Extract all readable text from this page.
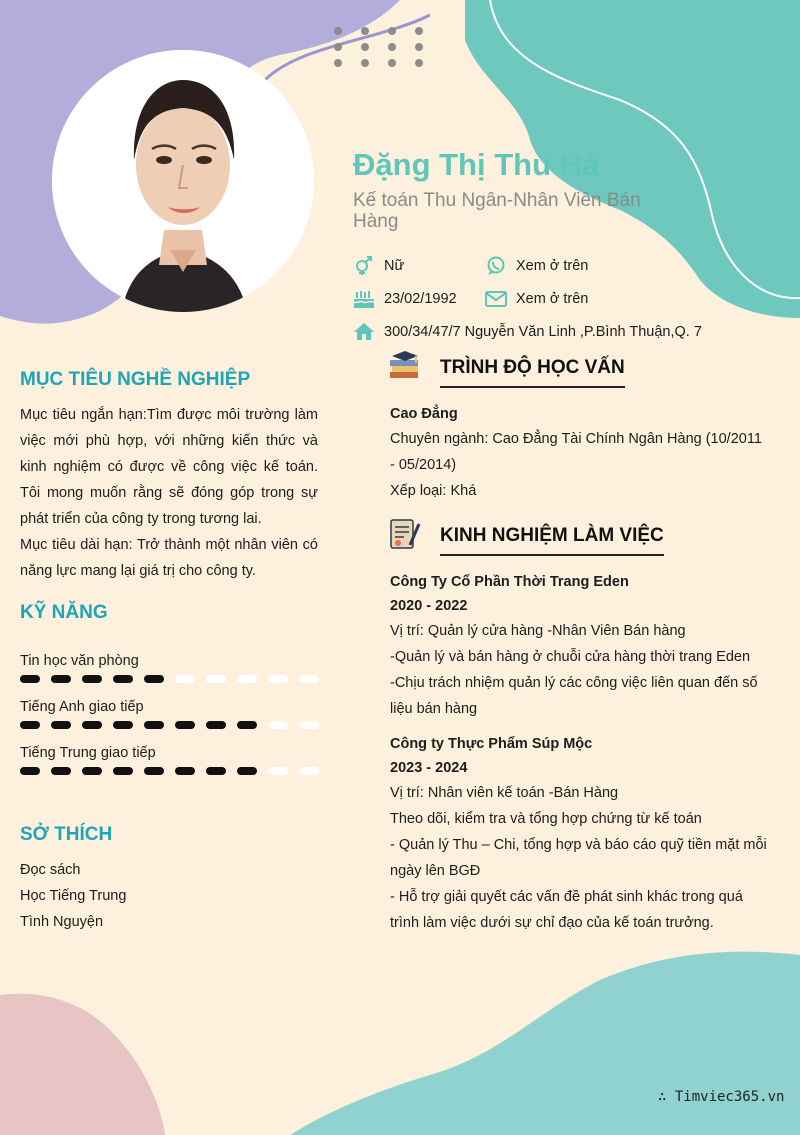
Đặng Thị Thu Hà
Kế toán Thu Ngân-Nhân Viên Bán Hàng
Nữ	Xem ở trên
23/02/1992	Xem ở trên
300/34/47/7 Nguyễn Văn Linh ,P.Bình Thuận,Q. 7
MỤC TIÊU NGHỀ NGHIỆP
Mục tiêu ngắn hạn:Tìm được môi trường làm việc mới phù hợp, với những kiến thức và kinh nghiệm có được về công việc kế toán. Tôi mong muốn rằng sẽ đóng góp trong sự phát triển của công ty trong tương lai.
Mục tiêu dài hạn: Trở thành một nhân viên có năng lực mang lại giá trị cho công ty.
KỸ NĂNG
Tin học văn phòng
Tiếng Anh giao tiếp
Tiếng Trung giao tiếp
SỞ THÍCH
Đọc sách
Học Tiếng Trung
Tình Nguyện
TRÌNH ĐỘ HỌC VẤN
Cao Đẳng
Chuyên ngành: Cao Đẳng Tài Chính Ngân Hàng (10/2011 - 05/2014)
Xếp loại: Khá
KINH NGHIỆM LÀM VIỆC
Công Ty Cổ Phần Thời Trang Eden
2020 - 2022
Vị trí: Quản lý cửa hàng -Nhân Viên Bán hàng
-Quản lý và bán hàng ở chuỗi cửa hàng thời trang Eden
-Chịu trách nhiệm quản lý các công việc liên quan đến số liệu bán hàng
Công ty Thực Phẩm Súp Mộc
2023 - 2024
Vị trí: Nhân viên kế toán -Bán Hàng
Theo dõi, kiểm tra và tổng hợp chứng từ kế toán
- Quản lý Thu – Chi, tổng hợp và báo cáo quỹ tiền mặt mỗi ngày lên BGĐ
- Hỗ trợ giải quyết các vấn đề phát sinh khác trong quá trình làm việc dưới sự chỉ đạo của kế toán trưởng.
∴ Timviec365.vn
